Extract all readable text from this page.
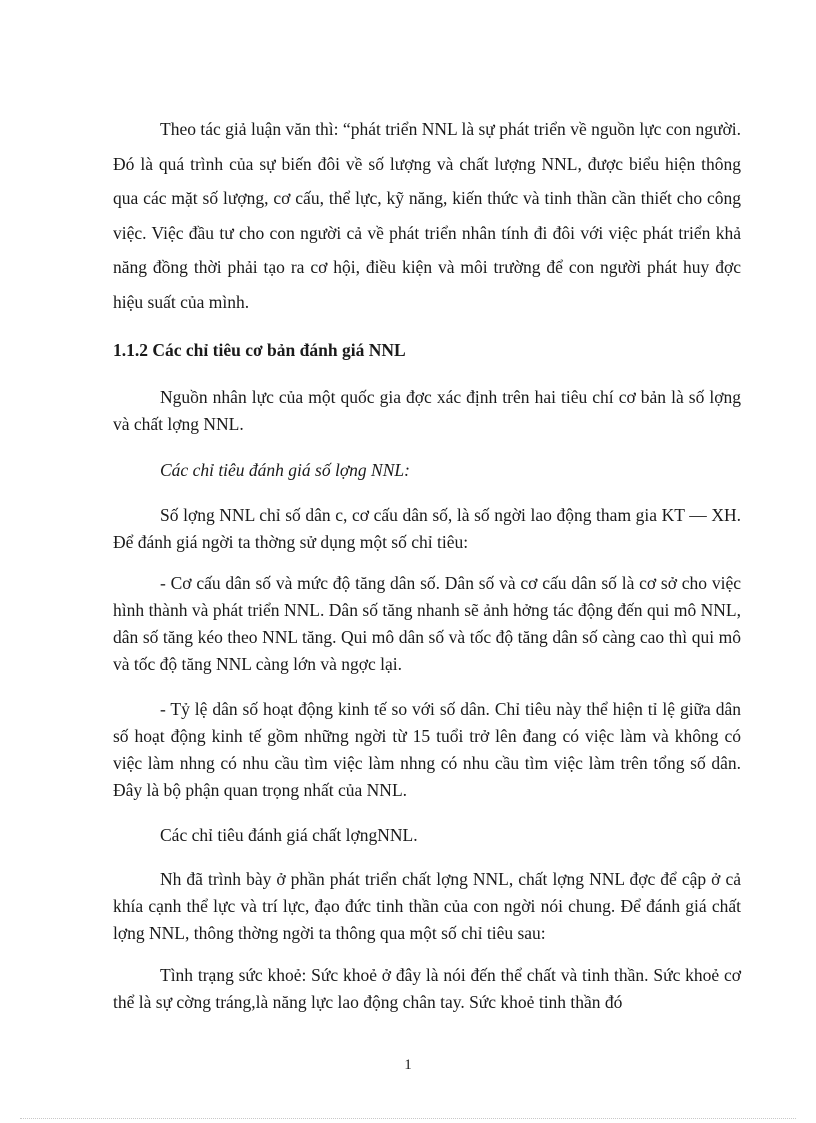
Theo tác giả luận văn thì: “phát triển NNL là sự phát triển về nguồn lực con người. Đó là quá trình của sự biến đôi về số lượng và chất lượng NNL, được biểu hiện thông qua các mặt số lượng, cơ cấu, thể lực, kỹ năng, kiến thức và tinh thần cần thiết cho công việc. Việc đầu tư cho con người cả về phát triển nhân tính đi đôi với việc phát triển khả năng đồng thời phải tạo ra cơ hội, điều kiện và môi trường để con người phát huy đợc hiệu suất của mình.

1.1.2 Các chỉ tiêu cơ bản đánh giá NNL

Nguồn nhân lực của một quốc gia đợc xác định trên hai tiêu chí cơ bản là số lợng và chất lợng NNL.

Các chỉ tiêu đánh giá số lợng NNL:

Số lợng NNL chỉ số dân c, cơ cấu dân số, là số ngời lao động tham gia KT — XH. Để đánh giá ngời ta thờng sử dụng một số chỉ tiêu:

- Cơ cấu dân số và mức độ tăng dân số. Dân số và cơ cấu dân số là cơ sở cho việc hình thành và phát triển NNL. Dân số tăng nhanh sẽ ảnh hởng tác động đến qui mô NNL, dân số tăng kéo theo NNL tăng. Qui mô dân số và tốc độ tăng dân số càng cao thì qui mô và tốc độ tăng NNL càng lớn và ngợc lại.

- Tỷ lệ dân số hoạt động kinh tế so với số dân. Chỉ tiêu này thể hiện tỉ lệ giữa dân số hoạt động kinh tế gồm những ngời từ 15 tuổi trở lên đang có việc làm và không có việc làm nhng có nhu cầu tìm việc làm nhng có nhu cầu tìm việc làm trên tổng số dân. Đây là bộ phận quan trọng nhất của NNL.

Các chỉ tiêu đánh giá chất lợngNNL.

Nh đã trình bày ở phần phát triển chất lợng NNL, chất lợng NNL đợc để cập ở cả khía cạnh thể lực và trí lực, đạo đức tinh thần của con ngời nói chung. Để đánh giá chất lợng NNL, thông thờng ngời ta thông qua một số chỉ tiêu sau:

Tình trạng sức khoẻ: Sức khoẻ ở đây là nói đến thể chất và tinh thần. Sức khoẻ cơ thể là sự cờng tráng,là năng lực lao động chân tay. Sức khoẻ tinh thần đó

1
